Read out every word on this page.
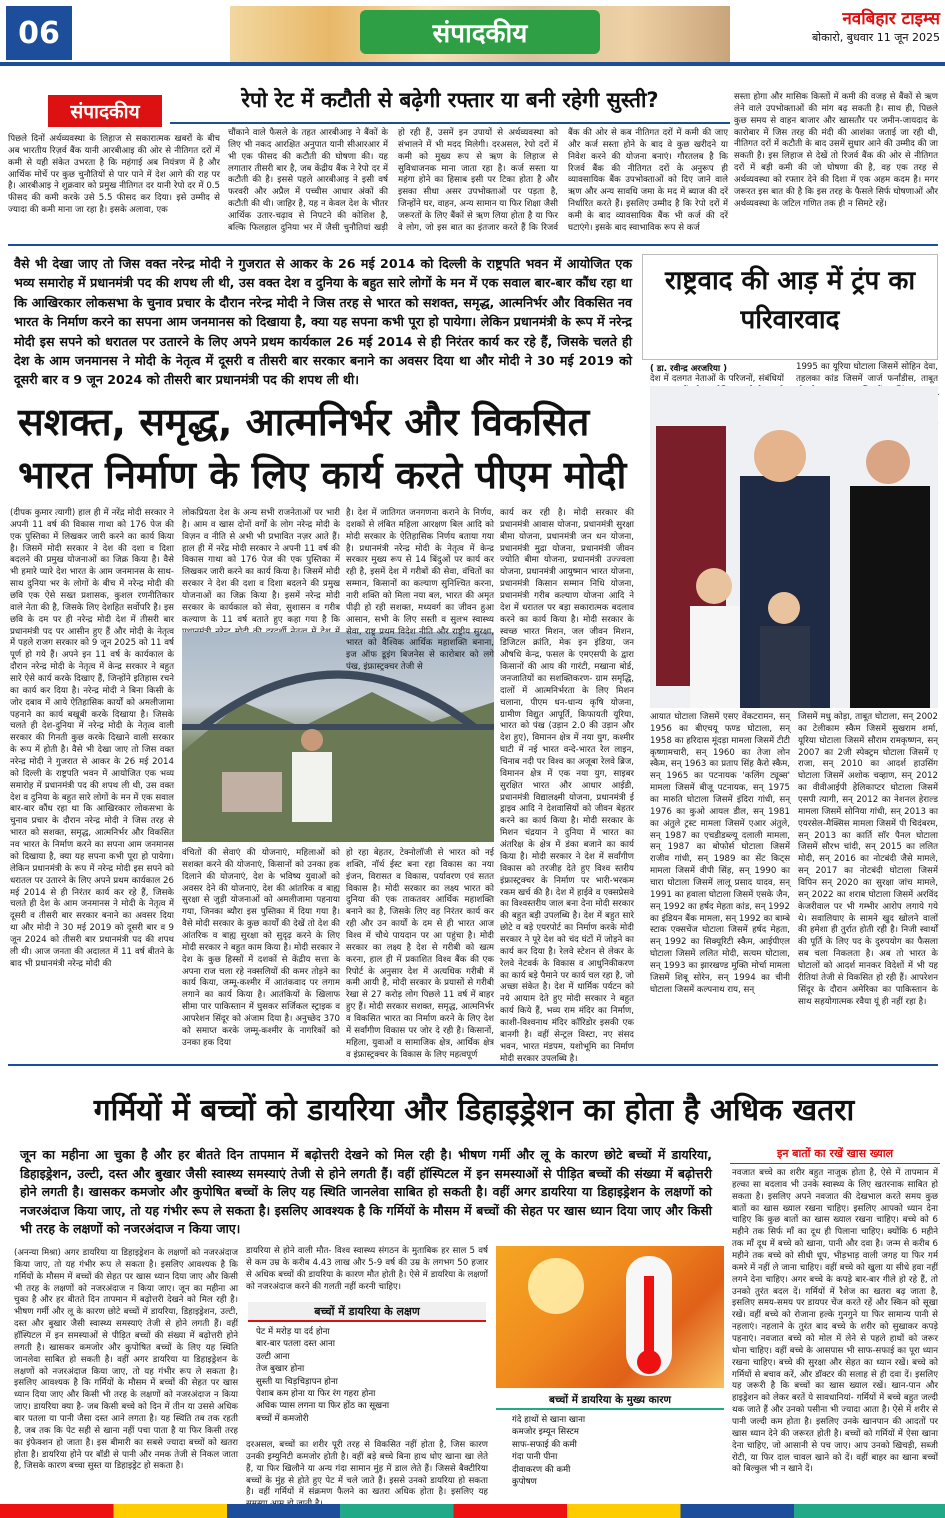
06	संपादकीय	नवबिहार टाइम्स
बोकारो, बुधवार 11 जून 2025
संपादकीय	रेपो रेट में कटौती से बढ़ेगी रफ्तार या बनी रहेगी सुस्ती?
पिछले दिनों अर्थव्यवस्था के लिहाज से सकारात्मक खबरों के बीच अब भारतीय रिज़र्व बैंक यानी आरबीआइ की ओर से नीतिगत दरों में कमी से यही संकेत उभरता है कि महंगाई अब नियंत्रण में है और आर्थिक मोर्चे पर कुछ चुनौतियों से पार पाने में देश आगे की राह पर है। आरबीआइ ने शुक्रवार को प्रमुख नीतिगत दर यानी रेपो दर में 0.5 फीसद की कमी करके उसे 5.5 फीसद कर दिया। इसे उम्मीद से ज्यादा की कमी माना जा रहा है। इसके अलावा, एक
चौंकाने वाले फैसले के तहत आरबीआइ ने बैंकों के लिए भी नकद आरक्षित अनुपात यानी सीआरआर में भी एक फीसद की कटौती की घोषणा की। यह लगातार तीसरी बार है, जब केंद्रीय बैंक ने रेपो दर में कटौती की है। इससे पहले आरबीआइ ने इसी वर्ष फरवरी और अप्रैल में पच्चीस आधार अंकों की कटौती की थी। जाहिर है, यह न केवल देश के भीतर आर्थिक उतार-चढ़ाव से निपटने की कोशिश है, बल्कि फिलहाल दुनिया भर में जैसी चुनौतियां खड़ी हो रही हैं, उसमें इन उपायों से अर्थव्यवस्था को संभालने में भी मदद मिलेगी। दरअसल, रेपो दरों में कमी को मुख्य रूप से ऋण के लिहाज से सुविधाजनक माना जाता रहा है। कर्ज सस्ता या महंगा होने का हिसाब इसी पर टिका होता है और इसका सीधा असर उपभोक्ताओं पर पड़ता है, जिन्होंने घर, वाहन, अन्य सामान या फिर शिक्षा जैसी जरूरतों के लिए बैंकों से ऋण लिया होता है या फिर वे लोग, जो इस बात का इंतजार करते हैं कि रिजर्व बैंक की ओर से कब नीतिगत दरों में कमी की जाए और कर्ज सस्ता होने के बाद वे कुछ खरीदने या निवेश करने की योजना बनाएं। गौरतलब है कि रिजर्व बैंक की नीतिगत दरों के अनुरूप ही व्यावसायिक बैंक उपभोक्ताओं को दिए जाने वाले ऋण और अन्य सावधि जमा के मद में ब्याज की दरें निर्धारित करते हैं। इसलिए उम्मीद है कि रेपो दरों में कमी के बाद व्यावसायिक बैंक भी कर्ज की दरें घटाएंगे। इसके बाद स्वाभाविक रूप से कर्ज
सस्ता होगा और मासिक किस्तों में कमी की वजह से बैंकों से ऋण लेने वाले उपभोक्ताओं की मांग बढ़ सकती है। साथ ही, पिछले कुछ समय से वाहन बाजार और खासतौर पर जमीन-जायदाद के कारोबार में जिस तरह की मंदी की आशंका जताई जा रही थी, नीतिगत दरों में कटौती के बाद उसमें सुधार आने की उम्मीद की जा सकती है। इस लिहाज से देखें तो रिजर्व बैंक की ओर से नीतिगत दरों में बड़ी कमी की जो घोषणा की है, वह एक तरह से अर्थव्यवस्था को रफ्तार देने की दिशा में एक अहम कदम है। मगर जरूरत इस बात की है कि इस तरह के फैसले सिर्फ घोषणाओं और अर्थव्यवस्था के जटिल गणित तक ही न सिमटे रहें।
वैसे भी देखा जाए तो जिस वक्त नरेन्द्र मोदी ने गुजरात से आकर के 26 मई 2014 को दिल्ली के राष्ट्रपति भवन में आयोजित एक भव्य समारोह में प्रधानमंत्री पद की शपथ ली थी, उस वक्त देश व दुनिया के बहुत सारे लोगों के मन में एक सवाल बार-बार कौंध रहा था कि आखिरकार लोकसभा के चुनाव प्रचार के दौरान नरेन्द्र मोदी ने जिस तरह से भारत को सशक्त, समृद्ध, आत्मनिर्भर और विकसित नव भारत के निर्माण करने का सपना आम जनमानस को दिखाया है, क्या यह सपना कभी पूरा हो पायेगा। लेकिन प्रधानमंत्री के रूप में नरेन्द्र मोदी इस सपने को धरातल पर उतारने के लिए अपने प्रथम कार्यकाल 26 मई 2014 से ही निरंतर कार्य कर रहे हैं, जिसके चलते ही देश के आम जनमानस ने मोदी के नेतृत्व में दूसरी व तीसरी बार सरकार बनाने का अवसर दिया था और मोदी ने 30 मई 2019 को दूसरी बार व 9 जून 2024 को तीसरी बार प्रधानमंत्री पद की शपथ ली थी।
सशक्त, समृद्ध, आत्मनिर्भर और विकसित भारत निर्माण के लिए कार्य करते पीएम मोदी
(दीपक कुमार त्यागी) हाल ही में नरेंद्र मोदी सरकार ने अपनी 11 वर्ष की विकास गाथा को 176 पेज की एक पुस्तिका में लिखकर जारी करने का कार्य किया है। जिसमें मोदी सरकार ने देश की दशा व दिशा बदलने की प्रमुख योजनाओं का जिक्र किया है। वैसे भी हमारे प्यारे देश भारत के आम जनमानस के साथ-साथ दुनिया भर के लोगों के बीच में नरेन्द्र मोदी की छवि एक ऐसे सख्त प्रशासक, कुशल रणनीतिकार वाले नेता की है, जिसके लिए देशहित सर्वोपरि है। इस छवि के दम पर ही नरेन्द्र मोदी देश में तीसरी बार प्रधानमंत्री पद पर आसीन हुए हैं और मोदी के नेतृत्व में पहले राजग सरकार को 9 जून 2025 को 11 वर्ष पूर्ण हो गये हैं। अपने इन 11 वर्ष के कार्यकाल के दौरान नरेन्द्र मोदी के नेतृत्व में केन्द्र सरकार ने बहुत सारे ऐसे कार्य करके दिखाए हैं, जिन्होंने इतिहास रचने का कार्य कर दिया है। नरेन्द्र मोदी ने बिना किसी के जोर दबाव में आये ऐतिहासिक कार्यों को अमलीजामा पहनाने का कार्य बखूबी करके दिखाया है। जिसके चलते ही देश-दुनिया में नरेन्द्र मोदी के नेतृत्व वाली सरकार की गिनती कुछ करके दिखाने वाली सरकार के रूप में होती है। वैसे भी देखा जाए तो जिस वक्त नरेन्द्र मोदी ने गुजरात से आकर के 26 मई 2014 को दिल्ली के राष्ट्रपति भवन में आयोजित एक भव्य समारोह में प्रधानमंत्री पद की शपथ ली थी, उस वक्त देश व दुनिया के बहुत सारे लोगों के मन में एक सवाल बार-बार कौंध रहा था कि आखिरकार लोकसभा के चुनाव प्रचार के दौरान नरेन्द्र मोदी ने जिस तरह से भारत को सशक्त, समृद्ध, आत्मनिर्भर और विकसित नव भारत के निर्माण करने का सपना आम जनमानस को दिखाया है, क्या यह सपना कभी पूरा हो पायेगा। लेकिन प्रधानमंत्री के रूप में नरेन्द्र मोदी इस सपने को धरातल पर उतारने के लिए अपने प्रथम कार्यकाल 26 मई 2014 से ही निरंतर कार्य कर रहे हैं, जिसके चलते ही देश के आम जनमानस ने मोदी के नेतृत्व में दूसरी व तीसरी बार सरकार बनाने का अवसर दिया था और मोदी ने 30 मई 2019 को दूसरी बार व 9 जून 2024 को तीसरी बार प्रधानमंत्री पद की शपथ ली थी। आज जनता की अदालत में 11 वर्ष बीतने के बाद भी प्रधानमंत्री नरेन्द्र मोदी की
लोकप्रियता देश के अन्य सभी राजनेताओं पर भारी है। आम व खास दोनों वर्गों के लोग नरेन्द्र मोदी के विज़न व नीति से अभी भी प्रभावित नज़र आते हैं। हाल ही में नरेंद्र मोदी सरकार ने अपनी 11 वर्ष की विकास गाथा को 176 पेज की एक पुस्तिका में लिखकर जारी करने का कार्य किया है। जिसमें मोदी सरकार ने देश की दशा व दिशा बदलने की प्रमुख योजनाओं का जिक्र किया है। इसमें नरेन्द्र मोदी सरकार के कार्यकाल को सेवा, सुशासन व गरीब कल्याण के 11 वर्ष बताते हुए कहा गया है कि
वंचितों की सेवाएं की योजनाएं, महिलाओं को सशक्त करने की योजनाएं, किसानों को उनका हक दिलाने की योजनाएं, देश के भविष्य युवाओं को अवसर देने की योजनाएं, देश की आंतरिक व बाह्य सुरक्षा से जुड़ी योजनाओं को अमलीजामा पहनाया गया, जिनका ब्यौरा इस पुस्तिका में दिया गया है। वैसे मोदी सरकार के कुछ कार्यों की देखें तो देश की आंतरिक व बाह्य सुरक्षा को सुदृढ़ करने के लिए मोदी सरकार ने बहुत काम किया है। मोदी सरकार ने देश के कुछ हिस्सों में दशकों से केंद्रीय सत्ता के अपना राज चला रहे नक्सलियों की कमर तोड़ने का कार्य किया, जम्मू-कश्मीर में आतंकवाद पर लगाम लगाने का कार्य किया है। आतंकियों के खिलाफ सीमा पार पाकिस्तान में घुसकर सर्जिकल स्ट्राइक व आपरेशन सिंदूर को अंजाम दिया है। अनुच्छेद 370 को समाप्त करके जम्मू-कश्मीर के नागरिकों को उनका हक दिया
है। देश में जातिगत जनगणना कराने के निर्णय, दशकों से लंबित महिला आरक्षण बिल आदि को मोदी सरकार के ऐतिहासिक निर्णय बताया गया है। प्रधानमंत्री नरेन्द्र मोदी के नेतृत्व में केन्द्र सरकार मुख्य रूप से 14 बिंदुओं पर कार्य कर रही है, इसमें देश में गरीबों की सेवा, वंचितों का सम्मान, किसानों का कल्याण सुनिश्चित करना, नारी शक्ति को मिला नया बल, भारत की अमृत पीढ़ी हो रही सशक्त, मध्यवर्ग का जीवन हुआ आसान, सभी के लिए सस्ती व सुलभ स्वास्थ्य सेवा, राष्ट्र प्रथम विदेश नीति और राष्ट्रीय सुरक्षा, भारत को वैश्विक आर्थिक महाशक्ति बनाना, इज ऑफ डूइंग बिजनेस से कारोबार को लगे पंख, इंफ्रास्ट्रक्चर तेजी से
हो रहा बेहतर, टेक्नोलॉजी से भारत को नई शक्ति, नॉर्थ ईस्ट बना रहा विकास का नया इंजन, विरासत व विकास, पर्यावरण एवं सतत विकास है। मोदी सरकार का लक्ष्य भारत को दुनिया की एक ताकतवर आर्थिक महाशक्ति बनाने का है, जिसके लिए वह निरंतर कार्य कर रही और उन कार्यों के दम से ही भारत आज विश्व में चौथे पायदान पर आ पहुंचा है। मोदी सरकार का लक्ष्य है देश से गरीबी को खत्म करना, हाल ही में प्रकाशित विश्व बैंक की एक रिपोर्ट के अनुसार देश में अत्यधिक गरीबी में कमी आयी है, मोदी सरकार के प्रयासों से गरीबी रेखा से 27 करोड़ लोग पिछले 11 वर्ष में बाहर हुए हैं। मोदी सरकार सशक्त, समृद्ध, आत्मनिर्भर व विकसित भारत का निर्माण करने के लिए देश में सर्वांगीण विकास पर जोर दे रही है। किसानों, महिला, युवाओं व सामाजिक क्षेत्र, आर्थिक क्षेत्र व इंफ्रास्ट्रक्चर के विकास के लिए महत्वपूर्ण
कार्य कर रही है। मोदी सरकार की प्रधानमंत्री आवास योजना, प्रधानमंत्री सुरक्षा बीमा योजना, प्रधानमंत्री जन धन योजना, प्रधानमंत्री मुद्रा योजना, प्रधानमंत्री जीवन ज्योति बीमा योजना, प्रधानमंत्री उज्ज्वला योजना, प्रधानमंत्री आयुष्मान भारत योजना, प्रधानमंत्री किसान सम्मान निधि योजना, प्रधानमंत्री गरीब कल्याण योजना आदि ने देश में धरातल पर बड़ा सकारात्मक बदलाव करने का कार्य किया है। मोदी सरकार के स्वच्छ भारत मिशन, जल जीवन मिशन, डिजिटल क्रांति, मेक इन इंडिया, जन औषधि केन्द्र, फसल के एमएसपी के द्वारा किसानों की आय की गारंटी, मखाना बोर्ड, जनजातियों का सशक्तिकरण- ग्राम समृद्धि, दालों में आत्मनिर्भरता के लिए मिशन चलाना, पीएम धन-धान्य कृषि योजना, ग्रामीण विद्युत आपूर्ति, किफायती यूरिया, भारत को पंख (उड़ान 2.0 की उड़ान और देश हुए), विमानन क्षेत्र में नया युग, कश्मीर घाटी में नई भारत वन्दे-भारत रेल लाइन, चिनाब नदी पर विश्व का अजूबा रेलवे ब्रिज, विमानन क्षेत्र में एक नया युग, साइबर सुरक्षित भारत और आधार आईडी, प्रधानमंत्री विद्यालक्ष्मी योजना, प्रधानमंत्री ई ड्राइव आदि ने देशवासियों को जीवन बेहतर करने का कार्य किया है। मोदी सरकार के मिशन चंद्रयान ने दुनिया में भारत का अंतरिक्ष के क्षेत्र में डंका बजाने का कार्य किया है। मोदी सरकार ने देश में सर्वांगीण विकास को तरजीह देते हुए विश्व स्तरीय इंफ्रास्ट्रक्चर के निर्माण पर भारी-भरकम रकम खर्च की है। देश में हाईवे व एक्सप्रेसवे का विश्वस्तरीय जाल बना देना मोदी सरकार की बहुत बड़ी उपलब्धि है। देश में बहुत सारे छोटे व बड़े एयरपोर्ट का निर्माण करके मोदी सरकार ने पूरे देश को चंद घंटों में जोड़ने का कार्य कर दिया है। रेलवे स्टेशन से लेकर के रेलवे नेटवर्क के विकास व आधुनिकीकरण का कार्य बड़े पैमाने पर कार्य चल रहा है, जो अच्छा संकेत है। देश में धार्मिक पर्यटन को नये आयाम देते हुए मोदी सरकार ने बहुत कार्य किये हैं, भव्य राम मंदिर का निर्माण, काशी-विश्वनाथ मंदिर कॉरिडोर इसकी एक बानगी है। वहीं सेन्ट्रल विस्टा, नए संसद भवन, भारत मंडपम, यशोभूमि का निर्माण मोदी सरकार उपलब्धि है।
राष्ट्रवाद की आड़ में ट्रंप का परिवारवाद
( डा. रवीन्द्र अरजरिया )
देश में दलगत नेताओं के परिजनों, संबंधियों
1995 का यूरिया घोटाला जिसमें सोहिन देवा, तहलका कांड जिसमें जार्ज फर्नांडीस, ताबूत
आयात घोटाला जिसमें एसए वेंकटरामन, सन् 1956 का बीएचयू फण्ड घोटाला, सन् 1958 का हरिदास मूंदड़ा मामला जिसमें टीटी कृष्णामचारी, सन् 1960 का तेजा लोन स्कैम, सन् 1963 का प्रताप सिंह कैरो स्कैम, सन् 1965 का पटनायक 'कलिंग ट्यूब्स' मामला जिसमें बीजू पटनायक, सन् 1975 का मारुति घोटाला जिसमें इंदिरा गांधी, सन् 1976 का कुओ आयल डील, सन् 1981 का अंतुले ट्रस्ट मामला जिसमें एआर अंतुले, सन् 1987 का एचडीडब्ल्यू दलाली मामला, सन् 1987 का बोफोर्स घोटाला जिसमें राजीव गांधी, सन् 1989 का सेंट किट्स मामला जिसमें वीपी सिंह, सन् 1990 का चारा घोटाला जिसमें लालू प्रसाद यादव, सन् 1991 का हवाला घोटाला जिसमें एसके जैन, सन् 1992 का हर्षद मेहता कांड, सन् 1992 का इंडियन बैंक मामला, सन् 1992 का बाम्बे स्टाक एक्सचेंज घोटाला जिसमें हर्षद मेहता, सन् 1992 का सिक्यूरिटी स्कैम, आईपीएल घोटाला जिसमें ललित मोदी, सत्यम घोटाला, सन् 1993 का झारखण्ड मुक्ति मोर्चा मामला जिसमें शिबू सोरेन, सन् 1994 का चीनी घोटाला जिसमें कल्पनाथ राय, सन्
जिसमें मधु कोड़ा, ताबूत घोटाला, सन् 2002 का टेलीकाम स्कैम जिसमें सुखराम शर्मा, यूरिया घोटाला जिसमें सौराम रामकृष्णन, सन् 2007 का 2जी स्पेक्ट्रम घोटाला जिसमें ए राजा, सन् 2010 का आदर्श हाउसिंग घोटाला जिसमें अशोक चव्हाण, सन् 2012 का वीवीआईपी हेलिकाप्टर घोटाला जिसमें एसपी त्यागी, सन् 2012 का नेशनल हेराल्ड मामला जिसमें सोनिया गांधी, सन् 2013 का एयरसेल-मैक्सिस मामला जिसमें पी चिदंबरम, सन् 2013 का कार्ति सॉर पैनल घोटाला जिसमें सौरभ चांदी, सन् 2015 का ललित मोदी, सन् 2016 का नोटबंदी जैसे मामले, सन् 2017 का नोटबंदी घोटाला जिसमें विपिन सन् 2020 का सुरक्षा जांच मामले, सन् 2022 का शराब घोटाला जिसमें अरविंद केजरीवाल पर भी गम्भीर आरोप लगाये गये थे। सवालियाए के सामने खुद खोलने वालों की हमेशा ही तुर्रात होती रही है। निजी स्वार्थों की पूर्ति के लिए पद के दुरुपयोग का फैसला सब चला निकलता है। अब तो भारत के घोटालों को आदर्श मानकर विदेशों में भी यह रीतियां तेजी से विकसित हो रही हैं। आपरेशन सिंदूर के दौरान अमेरिका का पाकिस्तान के साथ सहयोगात्मक रवैया यूं ही नहीं रहा है।
गर्मियों में बच्चों को डायरिया और डिहाइड्रेशन का होता है अधिक खतरा
जून का महीना आ चुका है और हर बीतते दिन तापमान में बढ़ोत्तरी देखने को मिल रही है। भीषण गर्मी और लू के कारण छोटे बच्चों में डायरिया, डिहाइड्रेशन, उल्टी, दस्त और बुखार जैसी स्वास्थ्य समस्याएं तेजी से होने लगती हैं। वहीं हॉस्पिटल में इन समस्याओं से पीड़ित बच्चों की संख्या में बढ़ोत्तरी होने लगती है। खासकर कमजोर और कुपोषित बच्चों के लिए यह स्थिति जानलेवा साबित हो सकती है। वहीं अगर डायरिया या डिहाइड्रेशन के लक्षणों को नजरअंदाज किया जाए, तो यह गंभीर रूप ले सकता है। इसलिए आवश्यक है कि गर्मियों के मौसम में बच्चों की सेहत पर खास ध्यान दिया जाए और किसी भी तरह के लक्षणों को नजरअंदाज न किया जाए।
इन बातों का रखें खास ख्याल
नवजात बच्चे का शरीर बहुत नाजुक होता है, ऐसे में तापमान में हल्का सा बदलाव भी उनके स्वास्थ्य के लिए खतरनाक साबित हो सकता है। इसलिए अपने नवजात की देखभाल करते समय कुछ बातों का खास ख्याल रखना चाहिए। इसलिए आपको ध्यान देना चाहिए कि कुछ बातों का खास ख्याल रखना चाहिए। बच्चे को 6 महीने तक सिर्फ माँ का दूध ही पिलाना चाहिए। क्योंकि 6 महीने तक माँ दूध में बच्चे को खाना, पानी और दवा है। जन्म से करीब 6 महीने तक बच्चे को सीधी धूप, भीड़भाड़ वाली जगह या फिर गर्म कमरे में नहीं ले जाना चाहिए। वहीं बच्चे को खुला या सीधे हवा नहीं लगने देना चाहिए। अगर बच्चे के कपड़े बार-बार गीले हो रहे हैं, तो उनको तुरंत बदल दें। गर्मियों में रैशेज का खतरा बढ़ जाता है, इसलिए समय-समय पर डायपर चेंज करते रहें और स्किन को सूखा रखें। वहीं बच्चे को रोजाना हल्के गुनगुने या फिर सामान्य पानी से नहलाएं। नहलाने के तुरंत बाद बच्चे के शरीर को सुखाकर कपड़े पहनाएं। नवजात बच्चे को मोल में लेने से पहले हाथों को जरूर धोना चाहिए। वहीं बच्चे के आसपास भी साफ-सफाई का पूरा ध्यान रखना चाहिए। बच्चे की सुरक्षा और सेहत का ध्यान रखें। बच्चे को गर्मियों से बचाव करें, और डॉक्टर की सलाह से ही दवा दें। इसलिए यह जरूरी है कि बच्चों का खास ख्याल रखें। खान-पान और हाइड्रेशन को लेकर बरतें ये सावधानियां- गर्मियों में बच्चे बहुत जल्दी थक जाते हैं और उनको पसीना भी ज्यादा आता है। ऐसे में शरीर से पानी जल्दी कम होता है। इसलिए उनके खानपान की आदतों पर खास ध्यान देने की जरूरत होती है। बच्चों को गर्मियों में ऐसा खाना देना चाहिए, जो आसानी से पच जाए। आप उनको खिचड़ी, सब्जी रोटी, या फिर दाल चावल खाने को दें। वहीं बाहर का खाना बच्चों को बिल्कुल भी न खाने दें।
(अनन्या मिश्रा) अगर डायरिया या डिहाइड्रेशन के लक्षणों को नजरअंदाज किया जाए, तो यह गंभीर रूप ले सकता है। इसलिए आवश्यक है कि गर्मियों के मौसम में बच्चों की सेहत पर खास ध्यान दिया जाए और किसी भी तरह के लक्षणों को नजरअंदाज न किया जाए। जून का महीना आ चुका है और हर बीतते दिन तापमान में बढ़ोत्तरी देखने को मिल रही है। भीषण गर्मी और लू के कारण छोटे बच्चों में डायरिया, डिहाइड्रेशन, उल्टी, दस्त और बुखार जैसी स्वास्थ्य समस्याएं तेजी से होने लगती हैं। वहीं हॉस्पिटल में इन समस्याओं से पीड़ित बच्चों की संख्या में बढ़ोत्तरी होने लगती है। खासकर कमजोर और कुपोषित बच्चों के लिए यह स्थिति जानलेवा साबित हो सकती है। वहीं अगर डायरिया या डिहाइड्रेशन के लक्षणों को नजरअंदाज किया जाए, तो यह गंभीर रूप ले सकता है। इसलिए आवश्यक है कि गर्मियों के मौसम में बच्चों की सेहत पर खास ध्यान दिया जाए और किसी भी तरह के लक्षणों को नजरअंदाज न किया जाए। डायरिया क्या है- जब किसी बच्चे को दिन में तीन या उससे अधिक बार पतला या पानी जैसा दस्त आने लगता है। यह स्थिति तब तक रहती है, जब तक कि पेट सही से खाना नहीं पचा पाता है या फिर किसी तरह का इंफेक्शन हो जाता है। इस बीमारी का सबसे ज्यादा बच्चों को खतरा होता है। डायरिया होने पर बॉडी से पानी और नमक तेजी से निकल जाता है, जिसके कारण बच्चा सुस्त या डिहाइड्रेट हो सकता है।
डायरिया से होने वाली मौत- विश्व स्वास्थ्य संगठन के मुताबिक हर साल 5 वर्ष से कम उम्र के करीब 4.43 लाख और 5-9 वर्ष की उम्र के लगभग 50 हजार से अधिक बच्चों की डायरिया के कारण मौत होती है। ऐसे में डायरिया के लक्षणों को नजरअंदाज करने की गलती नहीं करनी चाहिए।
बच्चों में डायरिया के लक्षण
पेट में मरोड़ या दर्द होना
बार-बार पतला दस्त आना
उल्टी आना
तेज बुखार होना
सुस्ती या चिड़चिड़ापन होना
पेशाब कम होना या फिर रंग गहरा होना
अधिक प्यास लगना या फिर होंठ का सूखना
बच्चों में कमजोरी
दरअसल, बच्चों का शरीर पूरी तरह से विकसित नहीं होता है, जिस कारण उनकी इम्युनिटी कमजोर होती है। वहीं बड़े बच्चे बिना हाथ धोए खाना खा लेते हैं, या फिर खिलौने या अन्य गंदा सामान मुंह में डाल लेते हैं। जिससे बैक्टीरिया बच्चों के मुंह से होते हुए पेट में चले जाते हैं। इससे उनको डायरिया हो सकता है। वहीं गर्मियों में संक्रमण फैलने का खतरा अधिक होता है। इसलिए यह
बच्चों में डायरिया के मुख्य कारण
गंदे हाथों से खाना खाना
कमजोर इम्यून सिस्टम
साफ-सफाई की कमी
गंदा पानी पीना
दीवाकरण की कमी
कुपोषण
